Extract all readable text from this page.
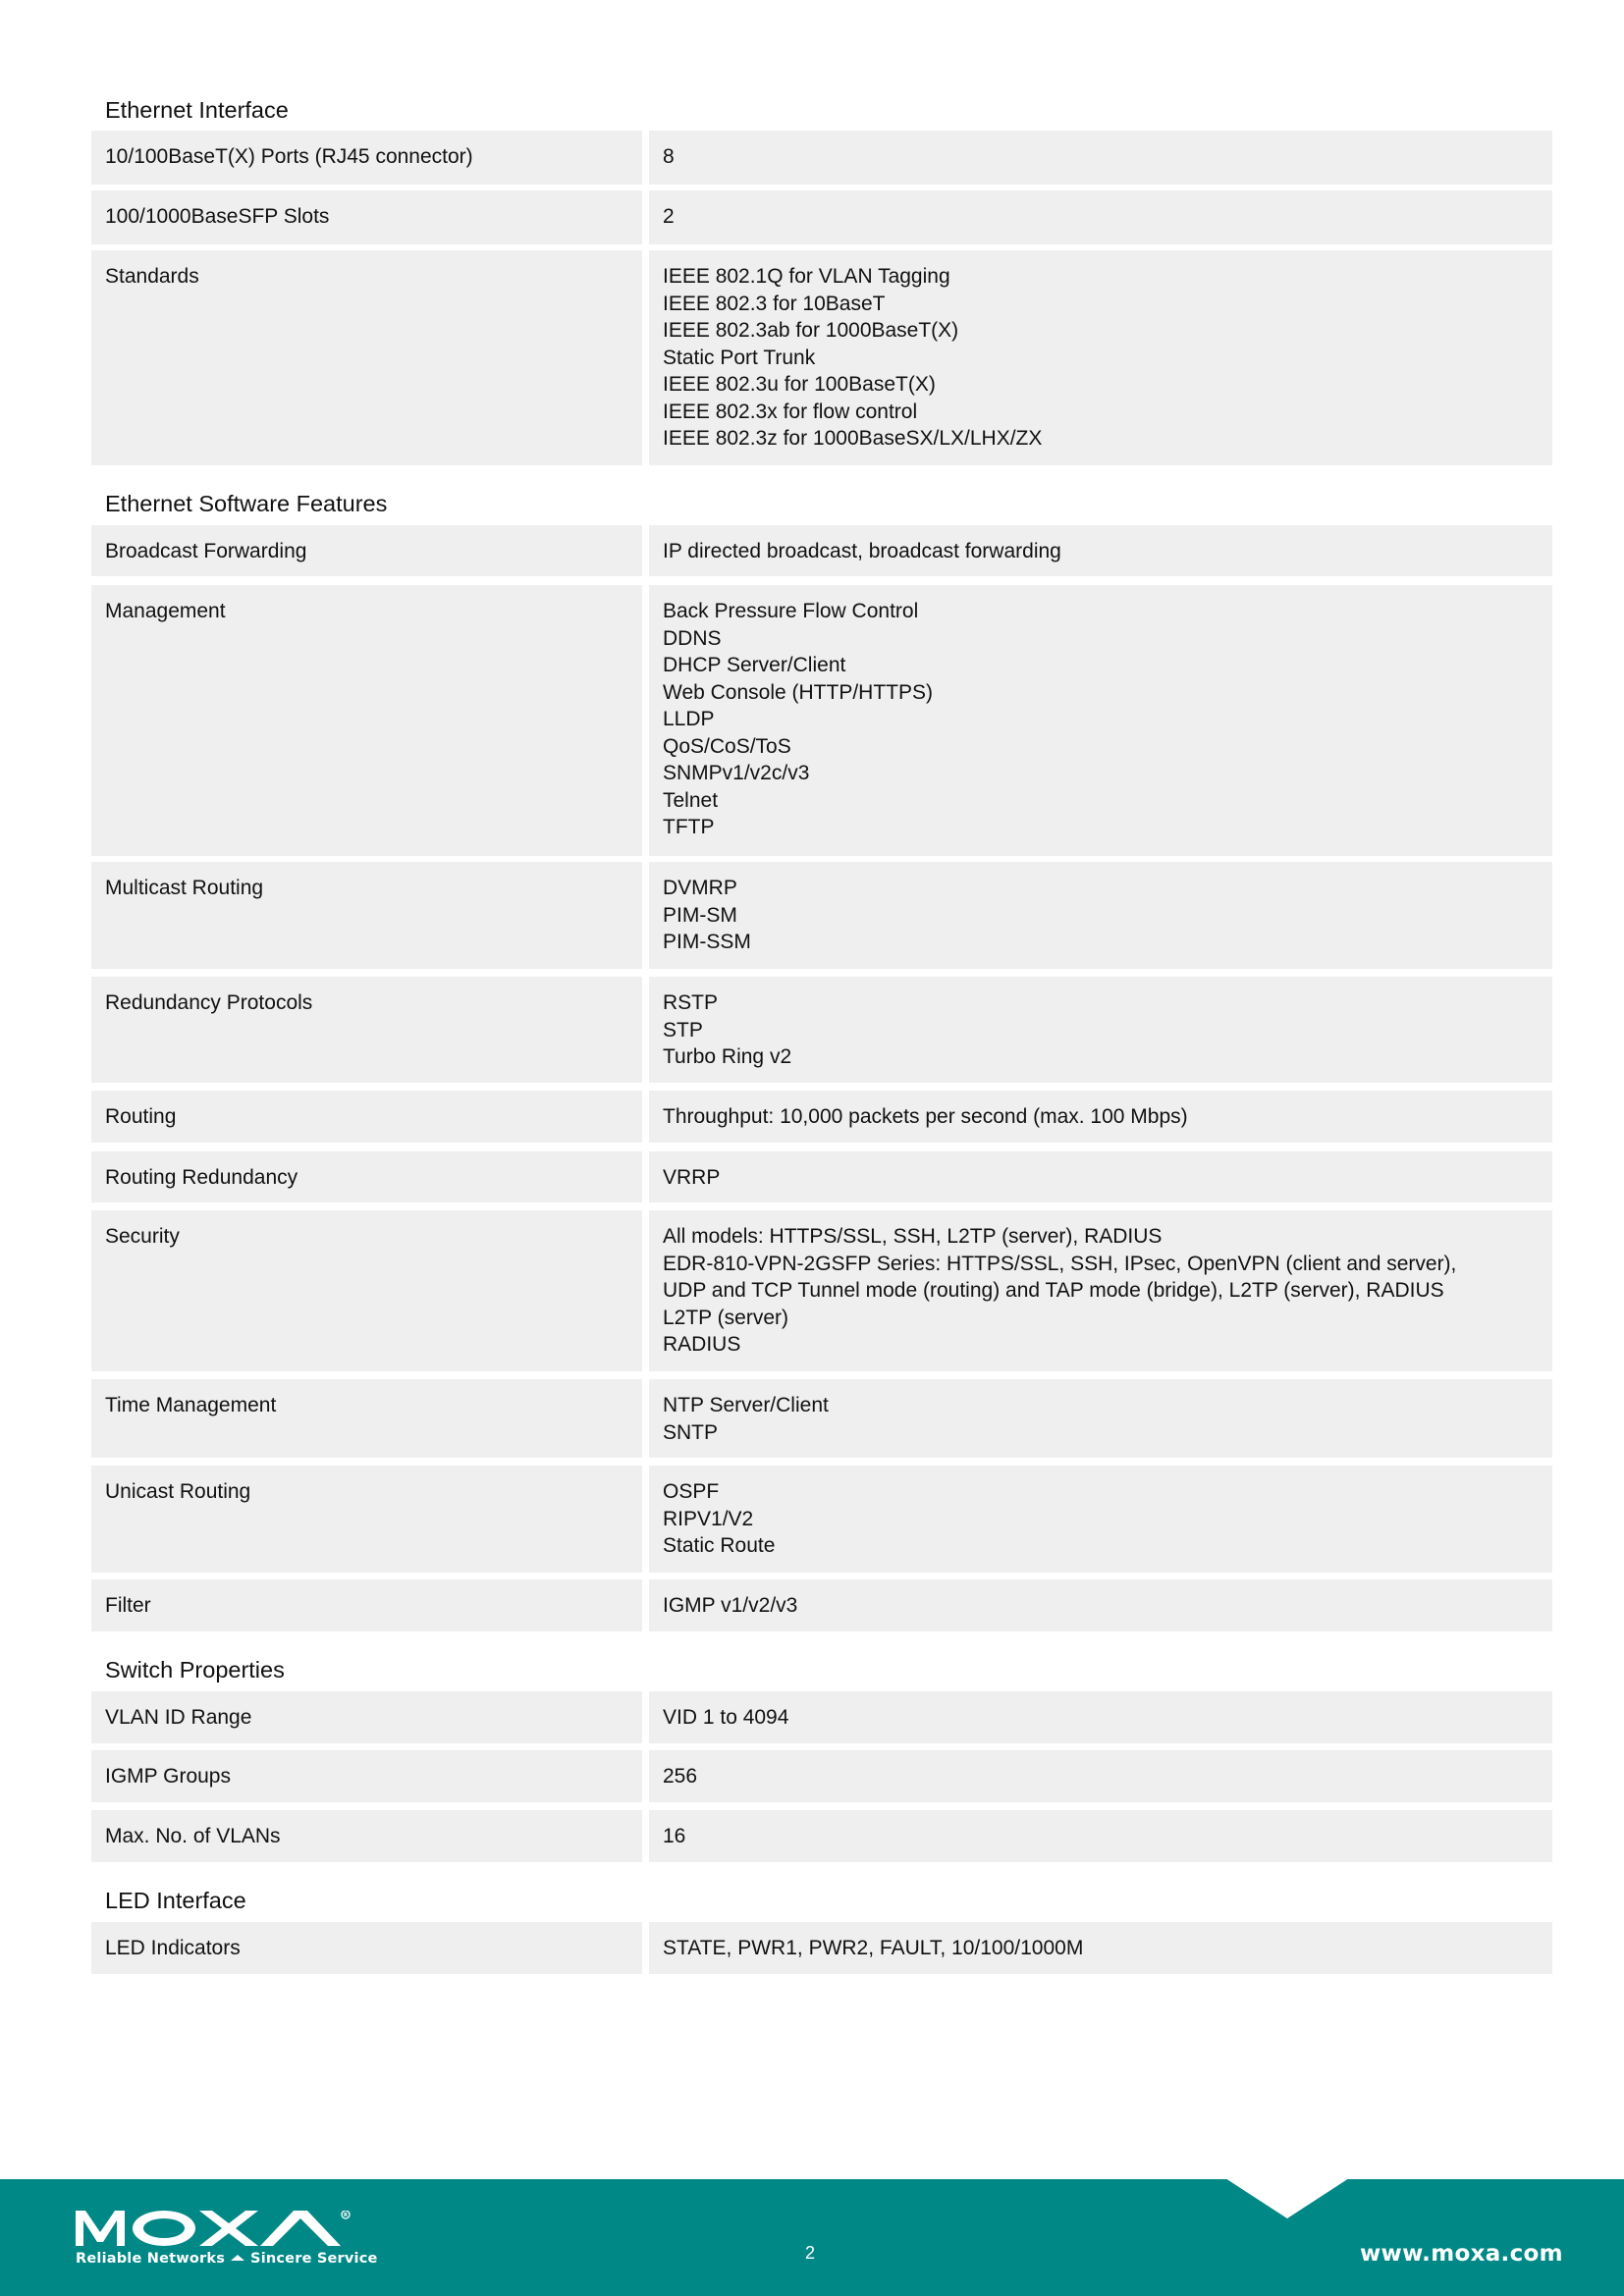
Ethernet Interface
10/100BaseT(X) Ports (RJ45 connector)	8
100/1000BaseSFP Slots	2
Standards	IEEE 802.1Q for VLAN Tagging
IEEE 802.3 for 10BaseT
IEEE 802.3ab for 1000BaseT(X)
Static Port Trunk
IEEE 802.3u for 100BaseT(X)
IEEE 802.3x for flow control
IEEE 802.3z for 1000BaseSX/LX/LHX/ZX
Ethernet Software Features
Broadcast Forwarding	IP directed broadcast, broadcast forwarding
Management	Back Pressure Flow Control
DDNS
DHCP Server/Client
Web Console (HTTP/HTTPS)
LLDP
QoS/CoS/ToS
SNMPv1/v2c/v3
Telnet
TFTP
Multicast Routing	DVMRP
PIM-SM
PIM-SSM
Redundancy Protocols	RSTP
STP
Turbo Ring v2
Routing	Throughput: 10,000 packets per second (max. 100 Mbps)
Routing Redundancy	VRRP
Security	All models: HTTPS/SSL, SSH, L2TP (server), RADIUS
EDR-810-VPN-2GSFP Series: HTTPS/SSL, SSH, IPsec, OpenVPN (client and server),
UDP and TCP Tunnel mode (routing) and TAP mode (bridge), L2TP (server), RADIUS
L2TP (server)
RADIUS
Time Management	NTP Server/Client
SNTP
Unicast Routing	OSPF
RIPV1/V2
Static Route
Filter	IGMP v1/v2/v3
Switch Properties
VLAN ID Range	VID 1 to 4094
IGMP Groups	256
Max. No. of VLANs	16
LED Interface
LED Indicators	STATE, PWR1, PWR2, FAULT, 10/100/1000M
R
Reliable Networks Sincere Service	2	www.moxa.com
